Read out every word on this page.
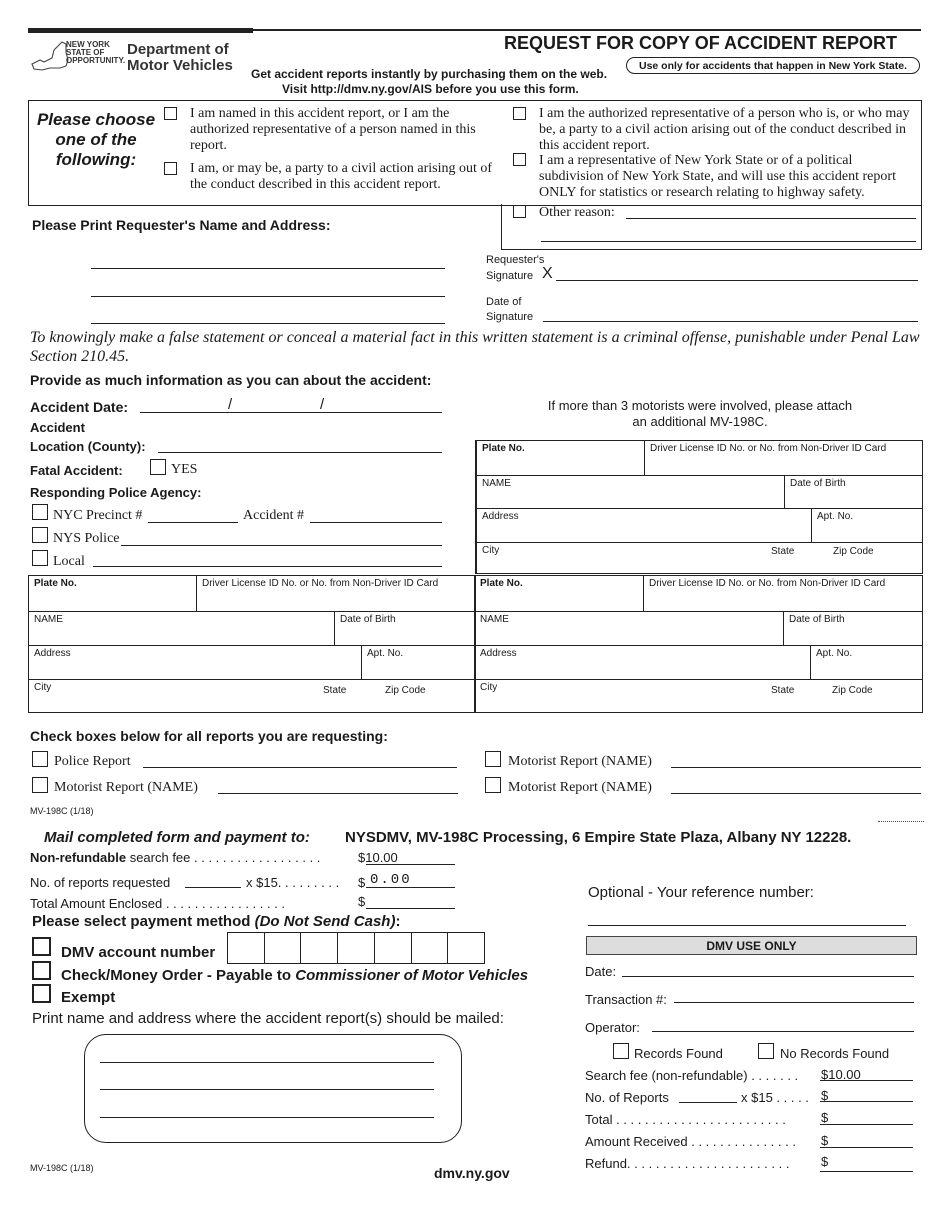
NEW YORK STATE OF OPPORTUNITY.
Department of
Motor Vehicles
REQUEST FOR COPY OF ACCIDENT REPORT
Get accident reports instantly by purchasing them on the web.
Visit http://dmv.ny.gov/AIS before you use this form.
Use only for accidents that happen in New York State.
Please choose one of the following:
I am named in this accident report, or I am the authorized representative of a person named in this report.
I am, or may be, a party to a civil action arising out of the conduct described in this accident report.
I am the authorized representative of a person who is, or who may be, a party to a civil action arising out of the conduct described in this accident report.
I am a representative of New York State or of a political subdivision of New York State, and will use this accident report ONLY for statistics or research relating to highway safety.
Other reason:
Please Print Requester's Name and Address:
Requester's
Signature X
Date of
Signature
To knowingly make a false statement or conceal a material fact in this written statement is a criminal offense, punishable under Penal Law Section 210.45.
Provide as much information as you can about the accident:
Accident Date:	/	/
Accident
Location (County):
Fatal Accident:	YES
Responding Police Agency:
NYC Precinct #	Accident #
NYS Police
Local
If more than 3 motorists were involved, please attach an additional MV-198C.
Plate No.	Driver License ID No. or No. from Non-Driver ID Card
NAME	Date of Birth
Address	Apt. No.
City	State	Zip Code
Plate No.	Driver License ID No. or No. from Non-Driver ID Card
NAME	Date of Birth
Address	Apt. No.
City	State	Zip Code
Plate No.	Driver License ID No. or No. from Non-Driver ID Card
NAME	Date of Birth
Address	Apt. No.
City	State	Zip Code
Check boxes below for all reports you are requesting:
Police Report
Motorist Report (NAME)
Motorist Report (NAME)
Motorist Report (NAME)
MV-198C (1/18)
Mail completed form and payment to: NYSDMV, MV-198C Processing, 6 Empire State Plaza, Albany NY 12228.
Non-refundable search fee . . . . . . . . . . . . . . . . . .	$10.00
No. of reports requested	x $15. . . . . . . . . $ 0.00
Total Amount Enclosed . . . . . . . . . . . . . . . . .	$
Please select payment method (Do Not Send Cash):
DMV account number
Check/Money Order - Payable to Commissioner of Motor Vehicles
Exempt
Print name and address where the accident report(s) should be mailed:
Optional - Your reference number:
DMV USE ONLY
Date:
Transaction #:
Operator:
Records Found	No Records Found
Search fee (non-refundable) . . . . . . . $10.00
No. of Reports	x $15 . . . . . $
Total . . . . . . . . . . . . . . . . . . . . . . . .	$
Amount Received . . . . . . . . . . . . . . . $
Refund. . . . . . . . . . . . . . . . . . . . . . . $
MV-198C (1/18)	dmv.ny.gov
